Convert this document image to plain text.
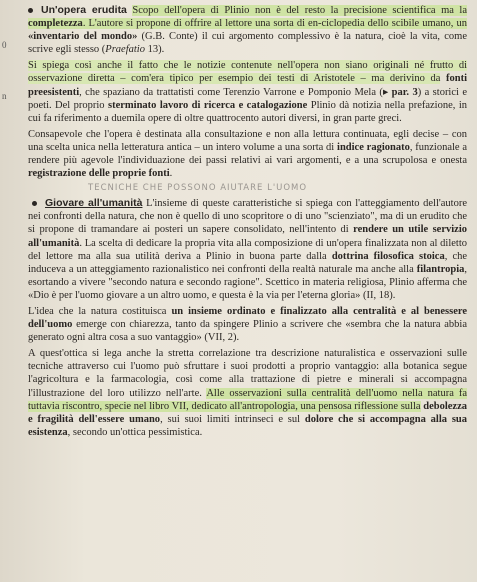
0
n

Un'opera erudita Scopo dell'opera di Plinio non è del resto la precisione scientifica ma la completezza. L'autore si propone di offrire al lettore una sorta di en-ciclopedia dello scibile umano, un «inventario del mondo» (G.B. Conte) il cui argomento complessivo è la natura, cioè la vita, come scrive egli stesso (Praefatio 13).

Si spiega così anche il fatto che le notizie contenute nell'opera non siano originali né frutto di osservazione diretta – com'era tipico per esempio dei testi di Aristotele – ma derivino da fonti preesistenti, che spaziano da trattatisti come Terenzio Varrone e Pomponio Mela (▸ par. 3) a storici e poeti. Del proprio sterminato lavoro di ricerca e catalogazione Plinio dà notizia nella prefazione, in cui fa riferimento a duemila opere di oltre quattrocento autori diversi, in gran parte greci.

Consapevole che l'opera è destinata alla consultazione e non alla lettura continuata, egli decise – con una scelta unica nella letteratura antica – un intero volume a una sorta di indice ragionato, funzionale a rendere più agevole l'individuazione dei passi relativi ai vari argomenti, e a una scrupolosa e onesta registrazione delle proprie fonti.

TECNICHE CHE POSSONO AIUTARE L'UOMO

Giovare all'umanità L'insieme di queste caratteristiche si spiega con l'atteggiamento dell'autore nei confronti della natura, che non è quello di uno scopritore o di uno "scienziato", ma di un erudito che si propone di tramandare ai posteri un sapere consolidato, nell'intento di rendere un utile servizio all'umanità. La scelta di dedicare la propria vita alla composizione di un'opera finalizzata non al diletto del lettore ma alla sua utilità deriva a Plinio in buona parte dalla dottrina filosofica stoica, che induceva a un atteggiamento razionalistico nei confronti della realtà naturale ma anche alla filantropia, esortando a vivere "secondo natura e secondo ragione". Scettico in materia religiosa, Plinio afferma che «Dio è per l'uomo giovare a un altro uomo, e questa è la via per l'eterna gloria» (II, 18).

L'idea che la natura costituisca un insieme ordinato e finalizzato alla centralità e al benessere dell'uomo emerge con chiarezza, tanto da spingere Plinio a scrivere che «sembra che la natura abbia generato ogni altra cosa a suo vantaggio» (VII, 2).

A quest'ottica si lega anche la stretta correlazione tra descrizione naturalistica e osservazioni sulle tecniche attraverso cui l'uomo può sfruttare i suoi prodotti a proprio vantaggio: alla botanica segue l'agricoltura e la farmacologia, così come alla trattazione di pietre e minerali si accompagna l'illustrazione del loro utilizzo nell'arte. Alle osservazioni sulla centralità dell'uomo nella natura fa tuttavia riscontro, specie nel libro VII, dedicato all'antropologia, una pensosa riflessione sulla debolezza e fragilità dell'essere umano, sui suoi limiti intrinseci e sul dolore che si accompagna alla sua esistenza, secondo un'ottica pessimistica.
